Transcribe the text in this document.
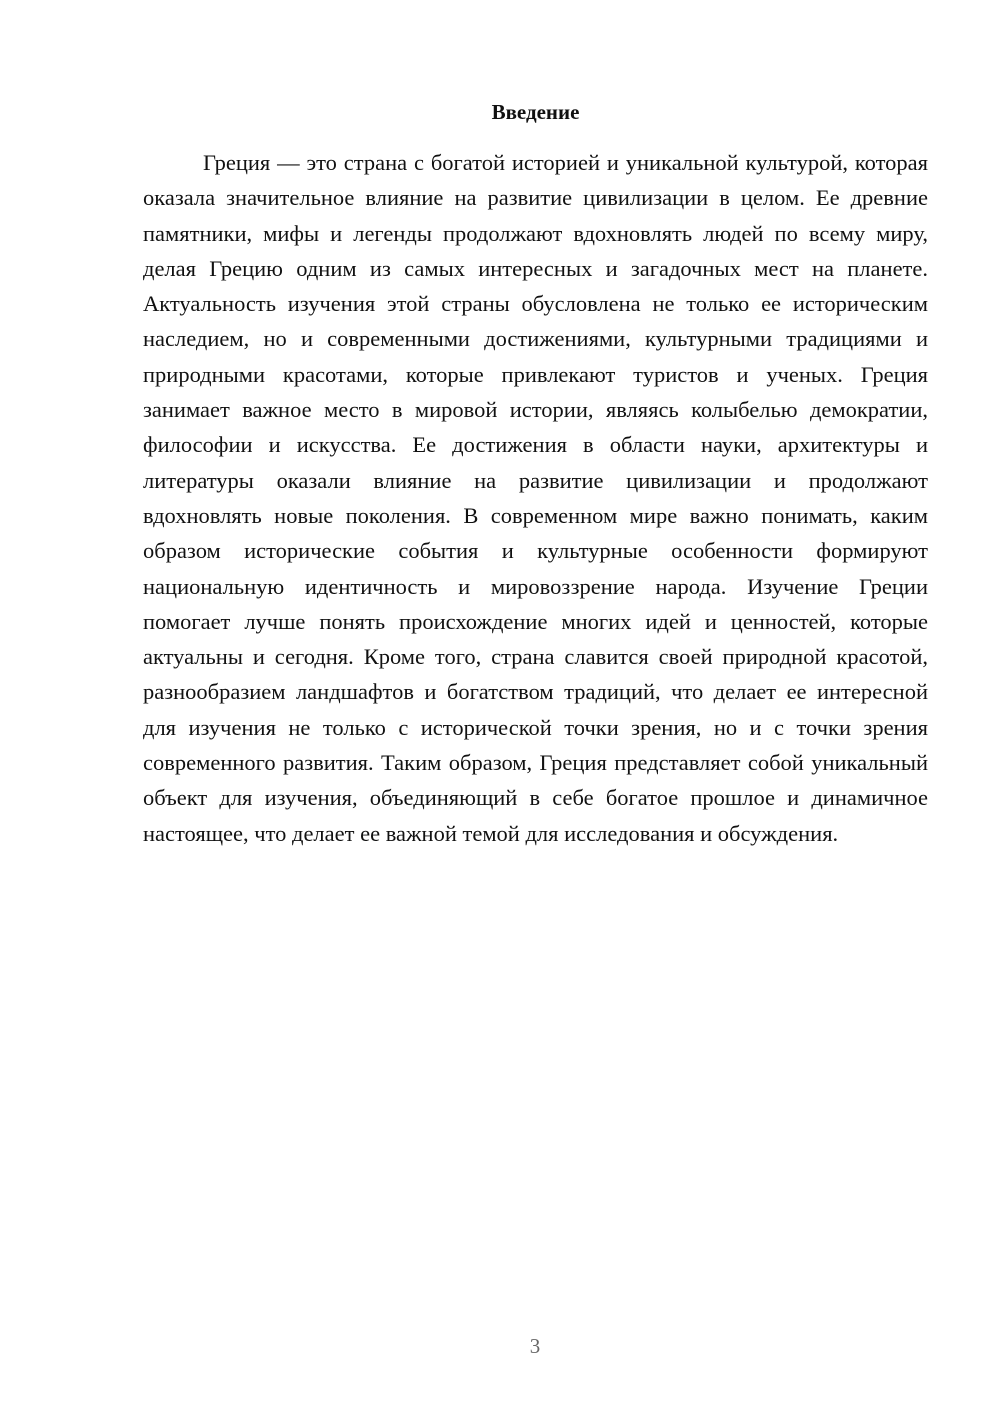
Введение

Греция — это страна с богатой историей и уникальной культурой, которая оказала значительное влияние на развитие цивилизации в целом. Ее древние памятники, мифы и легенды продолжают вдохновлять людей по всему миру, делая Грецию одним из самых интересных и загадочных мест на планете. Актуальность изучения этой страны обусловлена не только ее историческим наследием, но и современными достижениями, культурными традициями и природными красотами, которые привлекают туристов и ученых. Греция занимает важное место в мировой истории, являясь колыбелью демократии, философии и искусства. Ее достижения в области науки, архитектуры и литературы оказали влияние на развитие цивилизации и продолжают вдохновлять новые поколения. В современном мире важно понимать, каким образом исторические события и культурные особенности формируют национальную идентичность и мировоззрение народа. Изучение Греции помогает лучше понять происхождение многих идей и ценностей, которые актуальны и сегодня. Кроме того, страна славится своей природной красотой, разнообразием ландшафтов и богатством традиций, что делает ее интересной для изучения не только с исторической точки зрения, но и с точки зрения современного развития. Таким образом, Греция представляет собой уникальный объект для изучения, объединяющий в себе богатое прошлое и динамичное настоящее, что делает ее важной темой для исследования и обсуждения.

3
